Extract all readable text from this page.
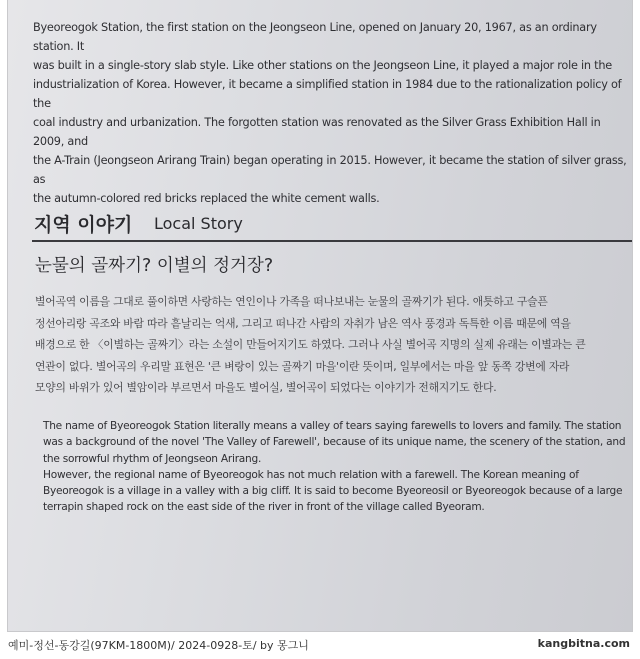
Byeoreogok Station, the first station on the Jeongseon Line, opened on January 20, 1967, as an ordinary station. It
was built in a single-story slab style. Like other stations on the Jeongseon Line, it played a major role in the
industrialization of Korea. However, it became a simplified station in 1984 due to the rationalization policy of the
coal industry and urbanization. The forgotten station was renovated as the Silver Grass Exhibition Hall in 2009, and
the A-Train (Jeongseon Arirang Train) began operating in 2015. However, it became the station of silver grass, as
the autumn-colored red bricks replaced the white cement walls.

지역 이야기 Local Story

눈물의 골짜기? 이별의 정거장?

별어곡역 이름을 그대로 풀이하면 사랑하는 연인이나 가족을 떠나보내는 눈물의 골짜기가 된다. 애틋하고 구슬픈
정선아리랑 곡조와 바람 따라 흩날리는 억새, 그리고 떠나간 사람의 자취가 남은 역사 풍경과 독특한 이름 때문에 역을
배경으로 한 〈이별하는 골짜기〉라는 소설이 만들어지기도 하였다. 그러나 사실 별어곡 지명의 실제 유래는 이별과는 큰
연관이 없다. 별어곡의 우리말 표현은 '큰 벼랑이 있는 골짜기 마을'이란 뜻이며, 일부에서는 마을 앞 동쪽 강변에 자라
모양의 바위가 있어 별암이라 부르면서 마을도 별어실, 별어곡이 되었다는 이야기가 전해지기도 한다.

The name of Byeoreogok Station literally means a valley of tears saying farewells to lovers and family. The station
was a background of the novel 'The Valley of Farewell', because of its unique name, the scenery of the station, and
the sorrowful rhythm of Jeongseon Arirang.
However, the regional name of Byeoreogok has not much relation with a farewell. The Korean meaning of
Byeoreogok is a village in a valley with a big cliff. It is said to become Byeoreosil or Byeoreogok because of a large
terrapin shaped rock on the east side of the river in front of the village called Byeoram.

예미-정선-동강길(97KM-1800M)/ 2024-0928-토/ by 몽그니	kangbitna.com
